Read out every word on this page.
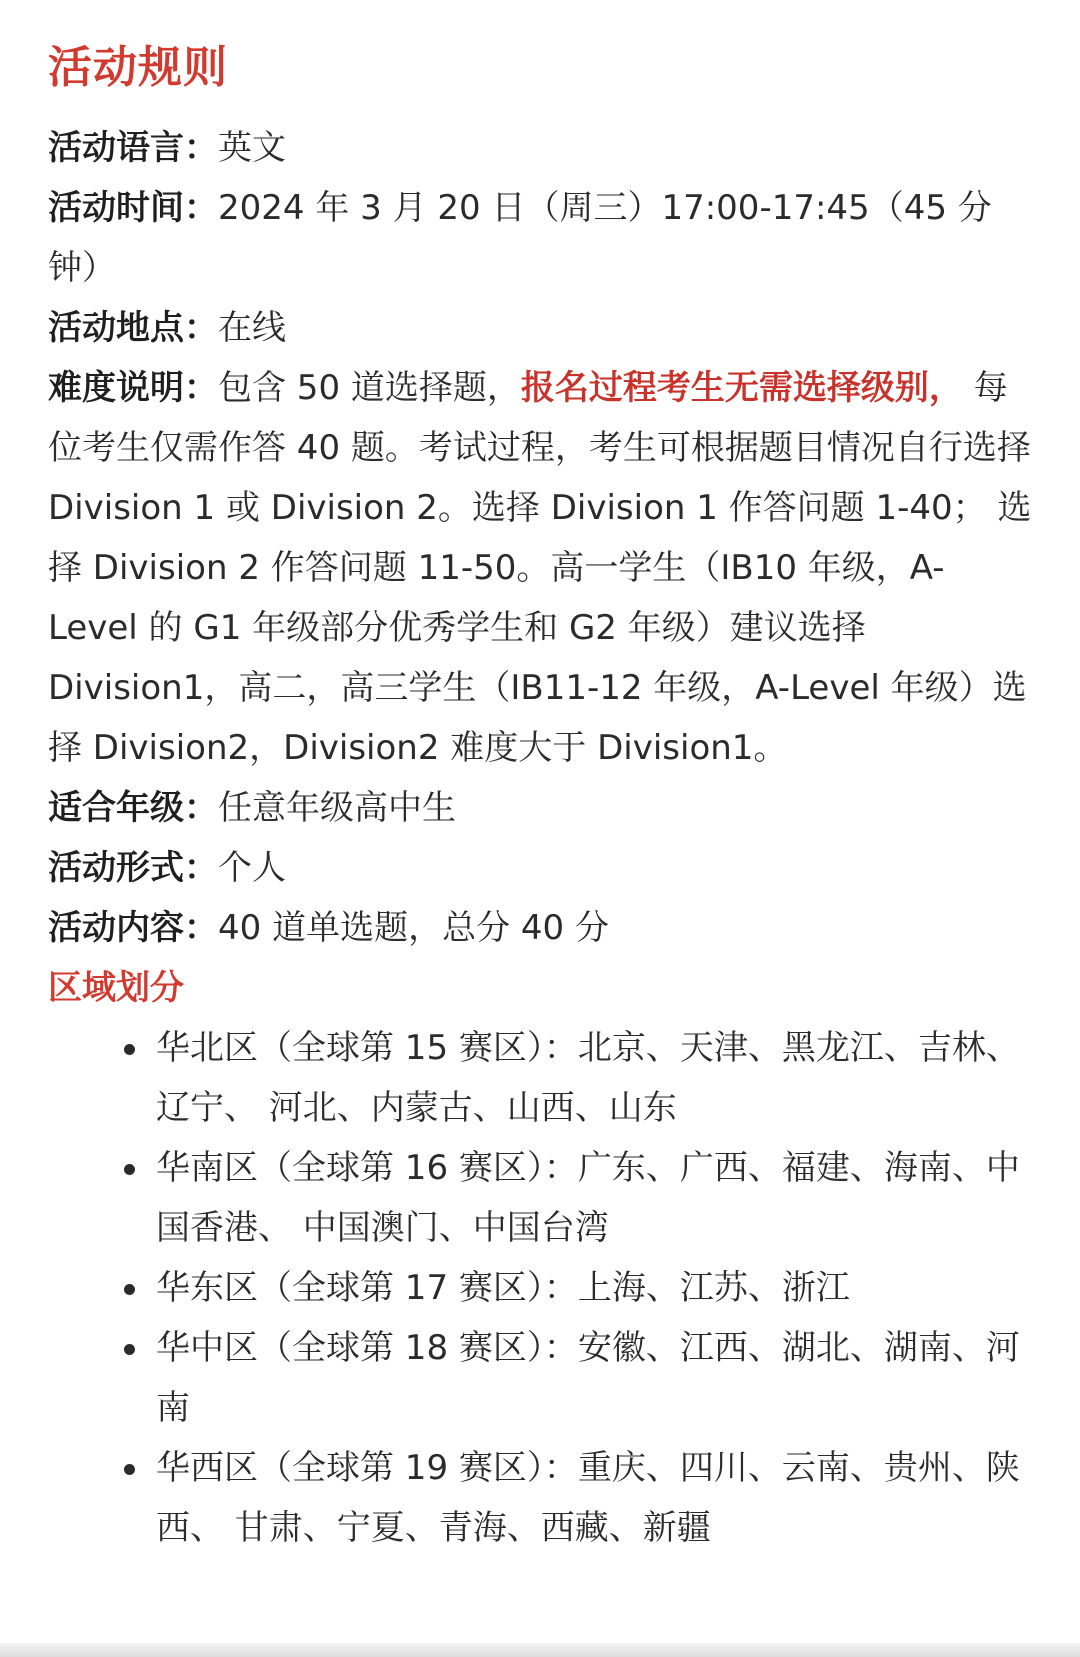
活动规则

活动语言：英文

活动时间：2024 年 3 月 20 日（周三）17:00-17:45（45 分钟）

活动地点：在线

难度说明：包含 50 道选择题，报名过程考生无需选择级别， 每位考生仅需作答 40 题。考试过程，考生可根据题目情况自行选择 Division 1 或 Division 2。选择 Division 1 作答问题 1-40； 选择 Division 2 作答问题 11-50。高一学生（IB10 年级，A-Level 的 G1 年级部分优秀学生和 G2 年级）建议选择 Division1，高二，高三学生（IB11-12 年级，A-Level 年级）选择 Division2，Division2 难度大于 Division1。

适合年级：任意年级高中生

活动形式：个人

活动内容：40 道单选题，总分 40 分

区域划分
华北区（全球第 15 赛区）：北京、天津、黑龙江、吉林、辽宁、 河北、内蒙古、山西、山东
华南区（全球第 16 赛区）：广东、广西、福建、海南、中国香港、 中国澳门、中国台湾
华东区（全球第 17 赛区）：上海、江苏、浙江
华中区（全球第 18 赛区）：安徽、江西、湖北、湖南、河南
华西区（全球第 19 赛区）：重庆、四川、云南、贵州、陕西、 甘肃、宁夏、青海、西藏、新疆
